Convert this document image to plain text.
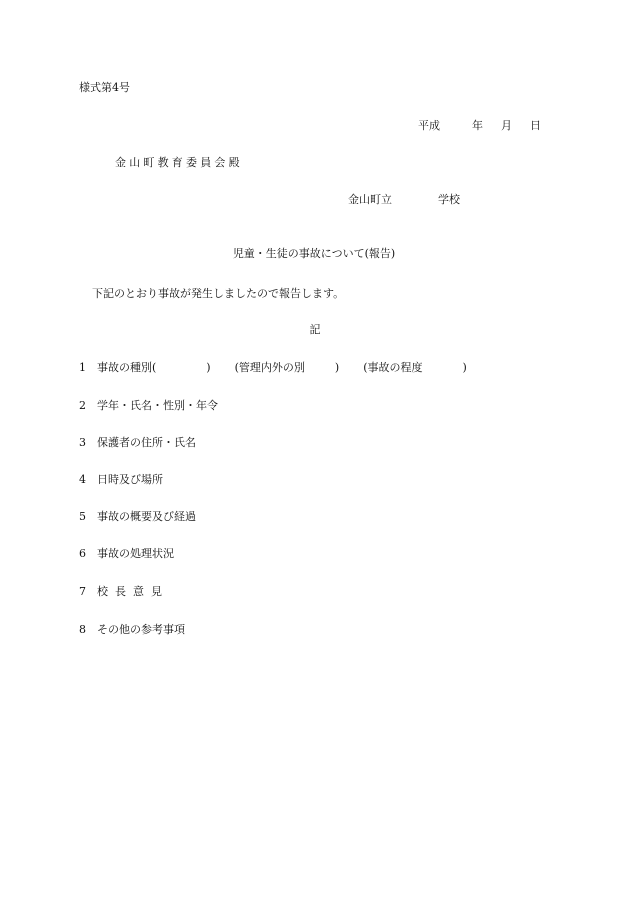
様式第4号
平成	年 月 日
金山町教育委員会殿
金山町立	学校
児童・生徒の事故について(報告)
下記のとおり事故が発生しましたので報告します。
記
1 事故の種別(	) (管理内外の別	) (事故の程度	)
2 学年・氏名・性別・年令
3 保護者の住所・氏名
4 日時及び場所
5 事故の概要及び経過
6 事故の処理状況
7 校長意見
8 その他の参考事項
